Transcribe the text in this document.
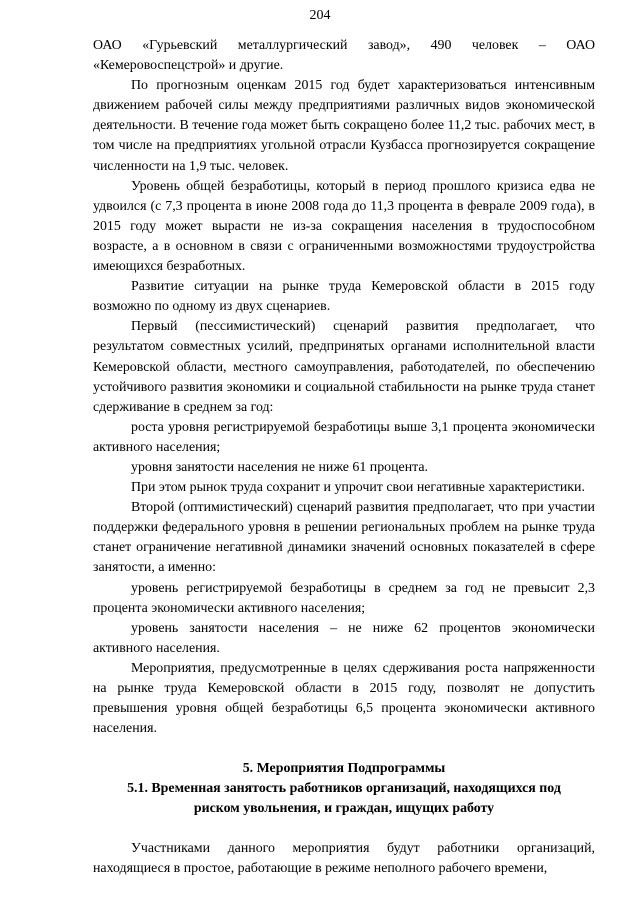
204

ОАО «Гурьевский металлургический завод», 490 человек – ОАО «Кемеровоспецстрой» и другие.

По прогнозным оценкам 2015 год будет характеризоваться интенсивным движением рабочей силы между предприятиями различных видов экономической деятельности. В течение года может быть сокращено более 11,2 тыс. рабочих мест, в том числе на предприятиях угольной отрасли Кузбасса прогнозируется сокращение численности на 1,9 тыс. человек.

Уровень общей безработицы, который в период прошлого кризиса едва не удвоился (с 7,3 процента в июне 2008 года до 11,3 процента в феврале 2009 года), в 2015 году может вырасти не из-за сокращения населения в трудоспособном возрасте, а в основном в связи с ограниченными возможностями трудоустройства имеющихся безработных.

Развитие ситуации на рынке труда Кемеровской области в 2015 году возможно по одному из двух сценариев.

Первый (пессимистический) сценарий развития предполагает, что результатом совместных усилий, предпринятых органами исполнительной власти Кемеровской области, местного самоуправления, работодателей, по обеспечению устойчивого развития экономики и социальной стабильности на рынке труда станет сдерживание в среднем за год:

роста уровня регистрируемой безработицы выше 3,1 процента экономически активного населения;

уровня занятости населения не ниже 61 процента.

При этом рынок труда сохранит и упрочит свои негативные характеристики.

Второй (оптимистический) сценарий развития предполагает, что при участии поддержки федерального уровня в решении региональных проблем на рынке труда станет ограничение негативной динамики значений основных показателей в сфере занятости, а именно:

уровень регистрируемой безработицы в среднем за год не превысит 2,3 процента экономически активного населения;

уровень занятости населения – не ниже 62 процентов экономически активного населения.

Мероприятия, предусмотренные в целях сдерживания роста напряженности на рынке труда Кемеровской области в 2015 году, позволят не допустить превышения уровня общей безработицы 6,5 процента экономически активного населения.

5. Мероприятия Подпрограммы
5.1. Временная занятость работников организаций, находящихся под
риском увольнения, и граждан, ищущих работу

Участниками данного мероприятия будут работники организаций, находящиеся в простое, работающие в режиме неполного рабочего времени,
